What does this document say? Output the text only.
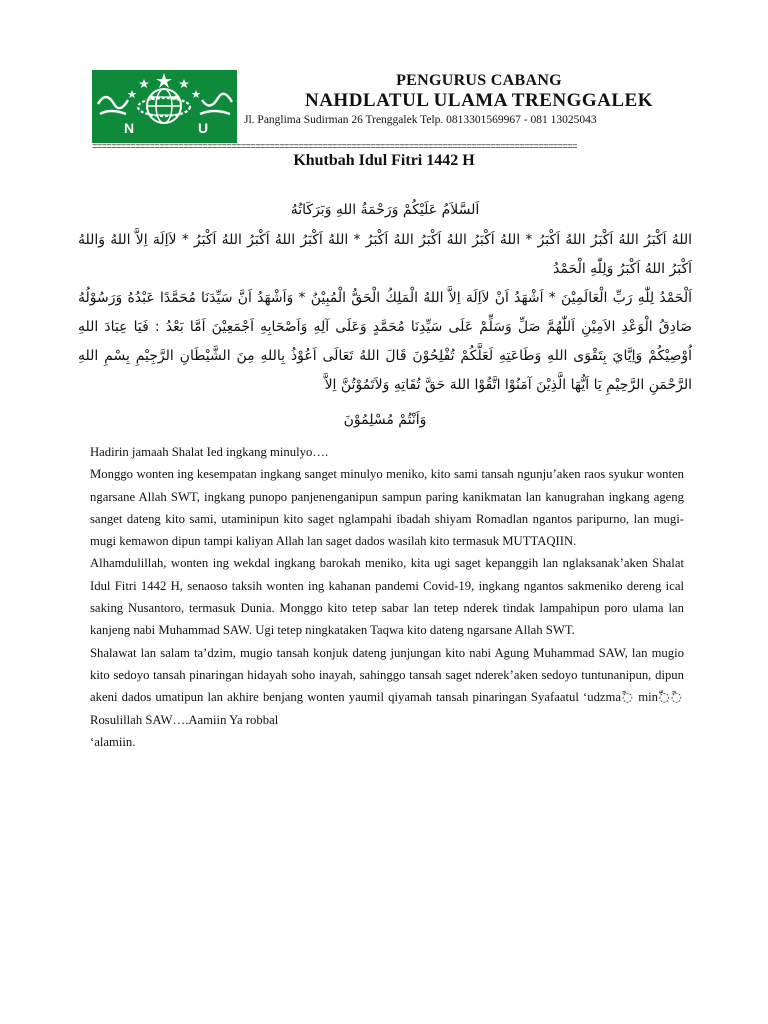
N	U
PENGURUS CABANG
NAHDLATUL ULAMA TRENGGALEK
Jl. Panglima Sudirman 26 Trenggalek Telp. 0813301569967 - 081 13025043
=====================================================================================================
Khutbah Idul Fitri 1442 H
اَلسَّلاَمُ عَلَيْكُمْ وَرَحْمَةُ اللهِ وَبَرَكَاتُهُ
اللهُ اَكْبَرُ اللهُ اَكْبَرُ اللهُ اَكْبَرُ * اللهُ اَكْبَرُ اللهُ اَكْبَرُ اللهُ اَكْبَرُ * اللهُ اَكْبَرُ اللهُ اَكْبَرُ اللهُ اَكْبَرُ * لاَاِلَهَ اِلاَّ اللهُ وَاللهُ اَكْبَرُ اللهُ اَكْبَرُ وَلِلّٰهِ الْحَمْدُ
اَلْحَمْدُ لِلّٰهِ رَبِّ الْعَالَمِيْنَ * اَشْهَدُ اَنْ لاَاِلَهَ اِلاَّ اللهُ الْمَلِكُ الْحَقُّ الْمُبِيْنُ * وَاَشْهَدُ اَنَّ سَيِّدَنَا مُحَمَّدًا عَبْدُهُ وَرَسُوْلُهُ صَادِقُ الْوَعْدِ الاَمِيْنِ اَللّٰهُمَّ صَلِّ وَسَلِّمْ عَلَى سَيِّدِنَا مُحَمَّدٍ وَعَلَى آلِهِ وَاَصْحَابِهِ اَجْمَعِيْنَ اَمَّا بَعْدُ : فَيَا عِبَادَ اللهِ اُوْصِيْكُمْ وَاِيَّايَ بِتَقْوَى اللهِ وَطَاعَتِهِ لَعَلَّكُمْ تُفْلِحُوْنَ قَالَ اللهُ تَعَالَى اَعُوْذُ بِاللهِ مِنَ الشَّيْطَانِ الرَّجِيْمِ بِسْمِ اللهِ الرَّحْمَنِ الرَّحِيْمِ يَا اَيُّهَا الَّذِيْنَ آمَنُوْا اتَّقُوْا اللهَ حَقَّ تُقَاتِهِ وَلاَتَمُوْتُنَّ اِلاَّ
وَاَنْتُمْ مُسْلِمُوْنَ

Hadirin jamaah Shalat Ied ingkang minulyo….

Monggo wonten ing kesempatan ingkang sanget minulyo meniko, kito sami tansah ngunju’aken raos syukur wonten ngarsane Allah SWT, ingkang punopo panjenenganipun sampun paring kanikmatan lan kanugrahan ingkang ageng sanget dateng kito sami, utaminipun kito saget nglampahi ibadah shiyam Romadlan ngantos paripurno, lan mugi-mugi kemawon dipun tampi kaliyan Allah lan saget dados wasilah kito termasuk MUTTAQIIN.

Alhamdulillah, wonten ing wekdal ingkang barokah meniko, kita ugi saget kepanggih lan nglaksanak’aken Shalat Idul Fitri 1442 H, senaoso taksih wonten ing kahanan pandemi Covid-19, ingkang ngantos sakmeniko dereng ical saking Nusantoro, termasuk Dunia. Monggo kito tetep sabar lan tetep nderek tindak lampahipun poro ulama lan kanjeng nabi Muhammad SAW. Ugi tetep ningkataken Taqwa kito dateng ngarsane Allah SWT.

Shalawat lan salam ta’dzim, mugio tansah konjuk dateng junjungan kito nabi Agung Muhammad SAW, lan mugio kito sedoyo tansah pinaringan hidayah soho inayah, sahinggo tansah saget nderek’aken sedoyo tuntunanipun, dipun akeni dados umatipun lan akhire benjang wonten yaumil qiyamah tansah pinaringan Syafaatul ‘udzma◌ً min◌ّ◌ً Rosulillah SAW….Aamiin Ya robbal

‘alamiin.
